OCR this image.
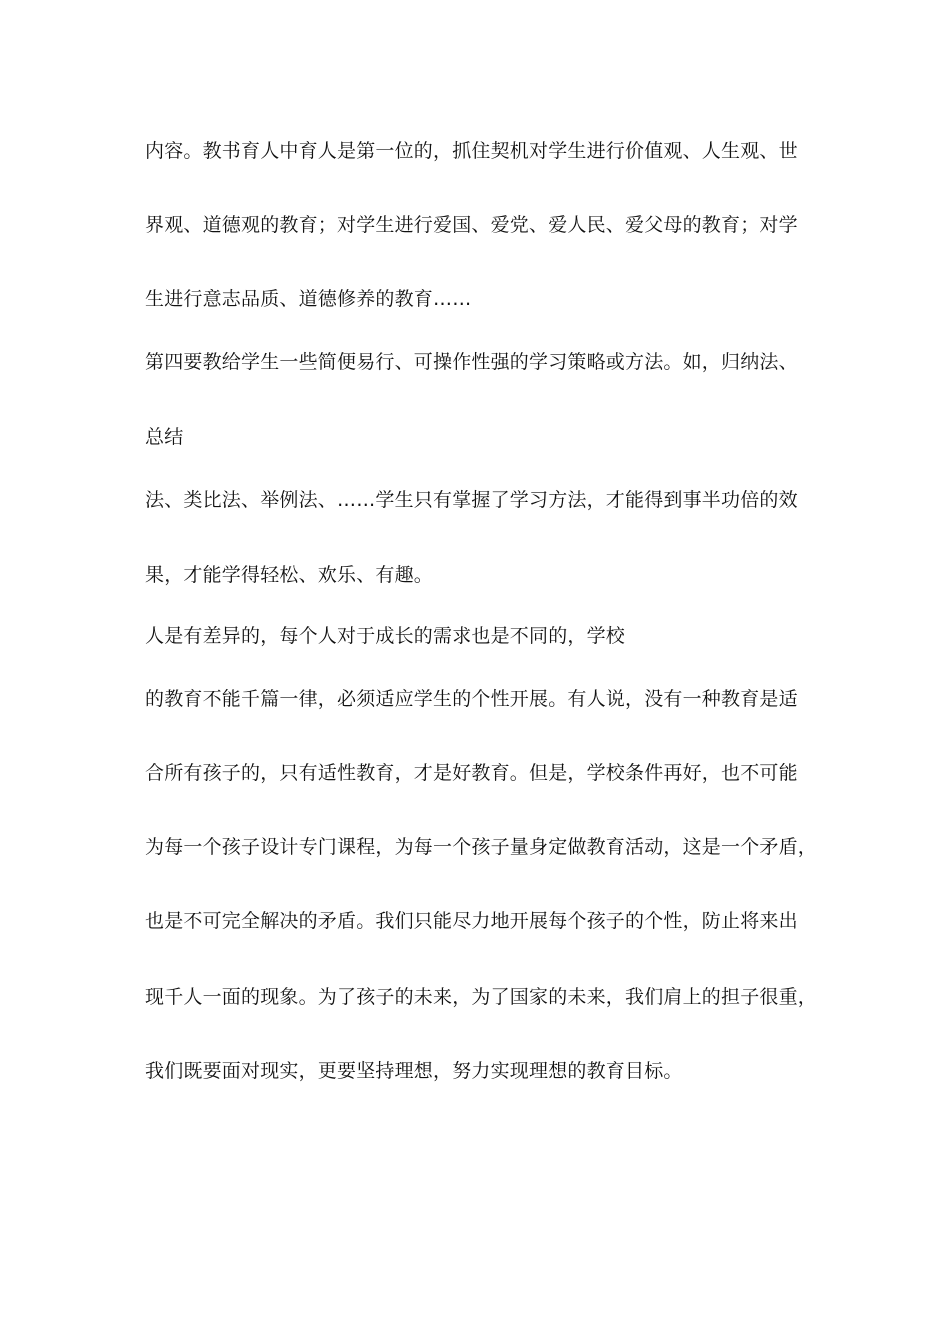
内容。教书育人中育人是第一位的，抓住契机对学生进行价值观、人生观、世

界观、道德观的教育；对学生进行爱国、爱党、爱人民、爱父母的教育；对学

生进行意志品质、道德修养的教育……

第四要教给学生一些简便易行、可操作性强的学习策略或方法。如，归纳法、

总结

法、类比法、举例法、……学生只有掌握了学习方法，才能得到事半功倍的效

果，才能学得轻松、欢乐、有趣。

人是有差异的，每个人对于成长的需求也是不同的，学校

的教育不能千篇一律，必须适应学生的个性开展。有人说，没有一种教育是适

合所有孩子的，只有适性教育，才是好教育。但是，学校条件再好，也不可能

为每一个孩子设计专门课程，为每一个孩子量身定做教育活动，这是一个矛盾，

也是不可完全解决的矛盾。我们只能尽力地开展每个孩子的个性，防止将来出

现千人一面的现象。为了孩子的未来，为了国家的未来，我们肩上的担子很重，

我们既要面对现实，更要坚持理想，努力实现理想的教育目标。
